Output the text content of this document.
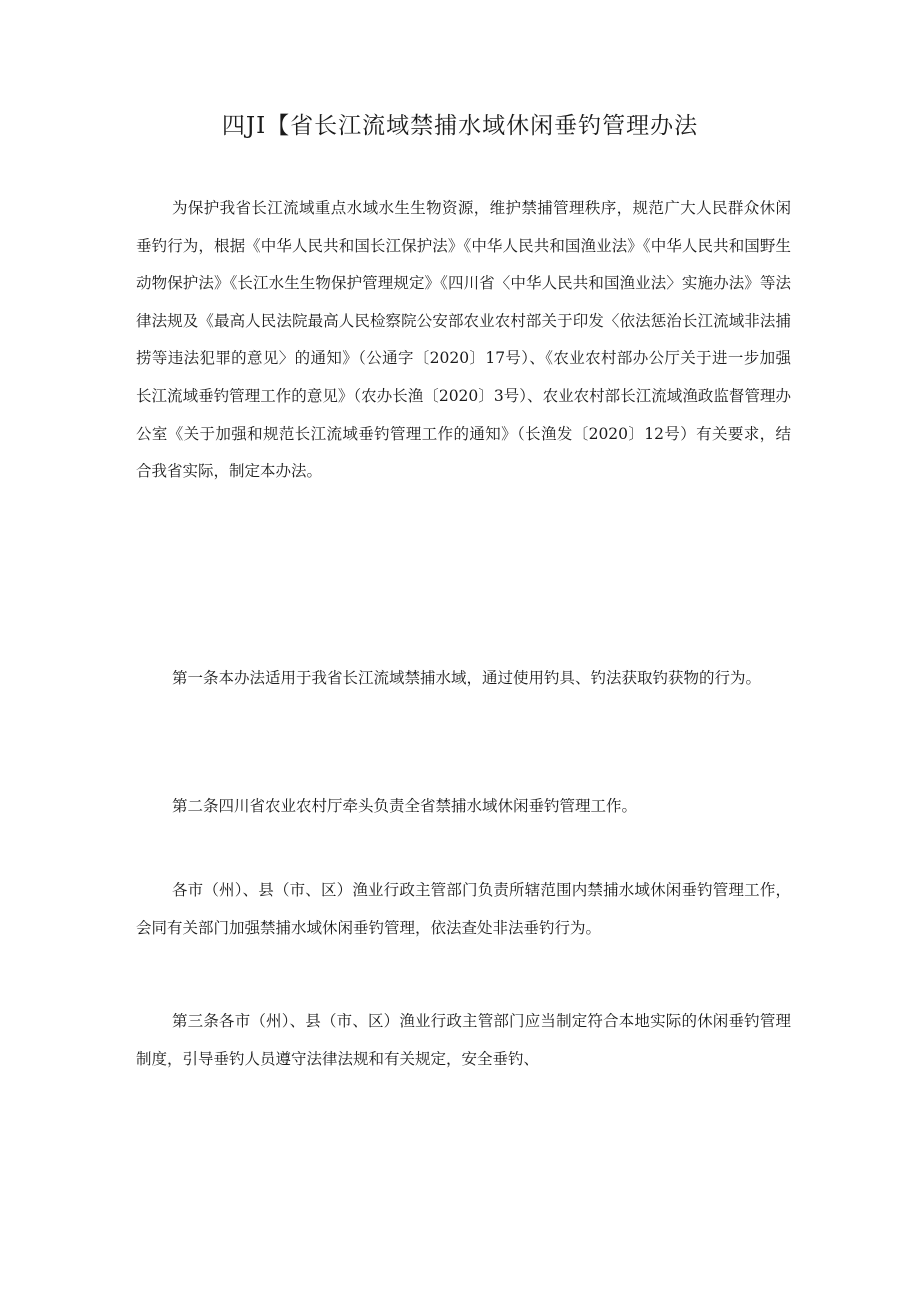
四JI【省长江流域禁捕水域休闲垂钓管理办法

为保护我省长江流域重点水域水生生物资源，维护禁捕管理秩序，规范广大人民群众休闲垂钓行为，根据《中华人民共和国长江保护法》《中华人民共和国渔业法》《中华人民共和国野生动物保护法》《长江水生生物保护管理规定》《四川省〈中华人民共和国渔业法〉实施办法》等法律法规及《最高人民法院最高人民检察院公安部农业农村部关于印发〈依法惩治长江流域非法捕捞等违法犯罪的意见〉的通知》（公通字〔2020〕17号）、《农业农村部办公厅关于进一步加强长江流域垂钓管理工作的意见》（农办长渔〔2020〕3号）、农业农村部长江流域渔政监督管理办公室《关于加强和规范长江流域垂钓管理工作的通知》（长渔发〔2020〕12号）有关要求，结合我省实际，制定本办法。

第一条本办法适用于我省长江流域禁捕水域，通过使用钓具、钓法获取钓获物的行为。

第二条四川省农业农村厅牵头负责全省禁捕水域休闲垂钓管理工作。

各市（州）、县（市、区）渔业行政主管部门负责所辖范围内禁捕水域休闲垂钓管理工作，会同有关部门加强禁捕水域休闲垂钓管理，依法查处非法垂钓行为。

第三条各市（州）、县（市、区）渔业行政主管部门应当制定符合本地实际的休闲垂钓管理制度，引导垂钓人员遵守法律法规和有关规定，安全垂钓、
